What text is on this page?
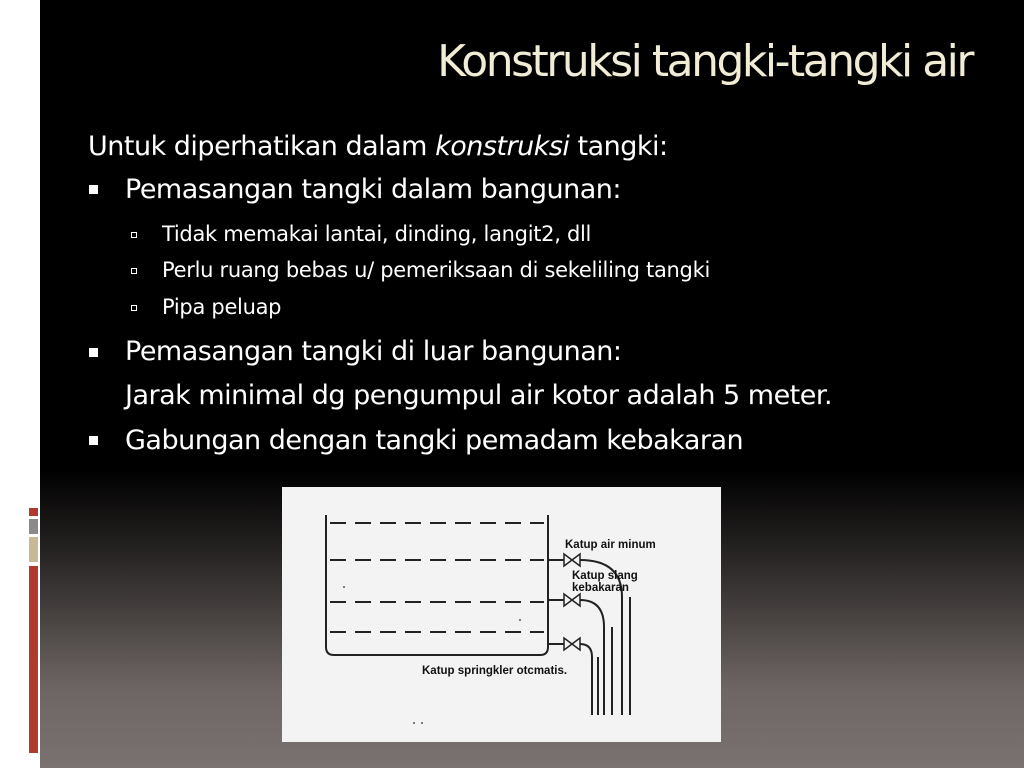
Konstruksi tangki-tangki air
Untuk diperhatikan dalam konstruksi tangki:
Pemasangan tangki dalam bangunan:
Tidak memakai lantai, dinding, langit2, dll
Perlu ruang bebas u/ pemeriksaan di sekeliling tangki
Pipa peluap
Pemasangan tangki di luar bangunan:
Jarak minimal dg pengumpul air kotor adalah 5 meter.
Gabungan dengan tangki pemadam kebakaran
Katup air minum
Katup slang
kebakaran
Katup springkler otcmatis.
